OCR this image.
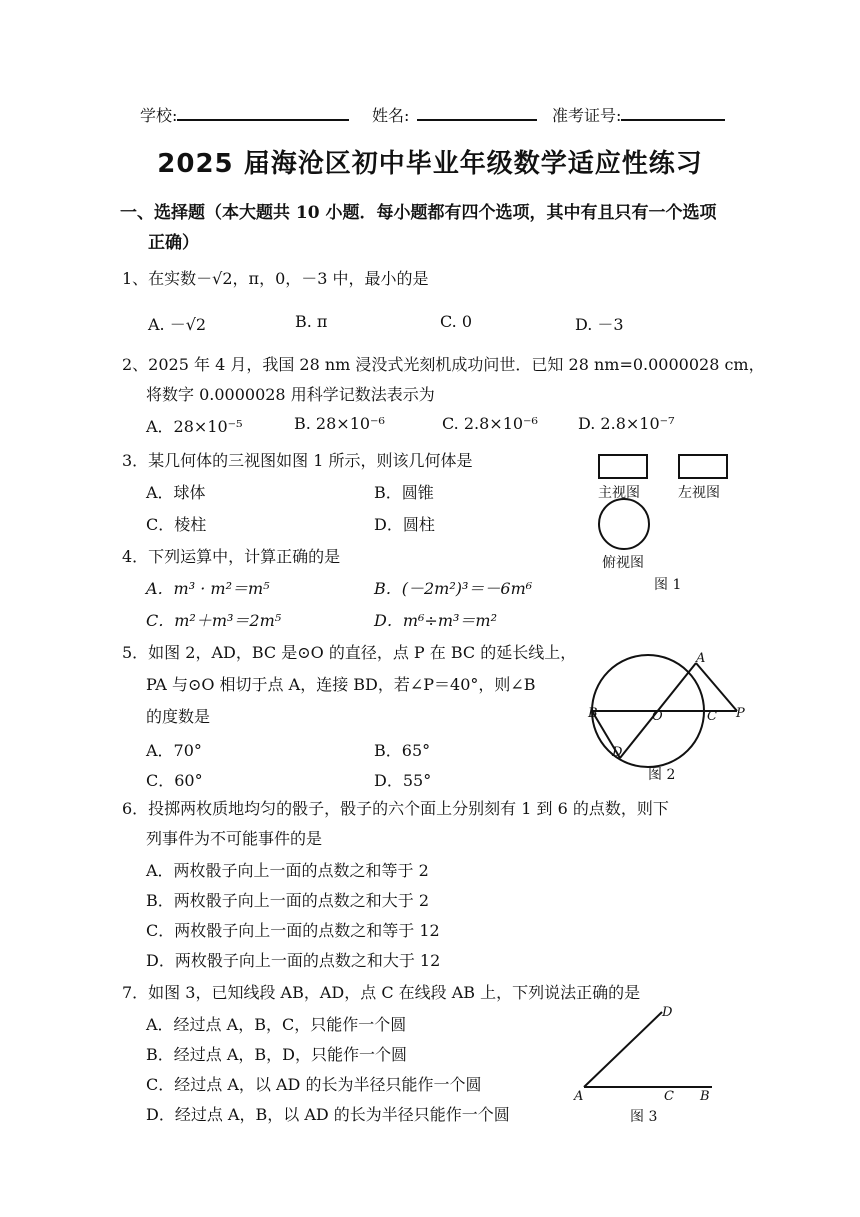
学校:	姓名:	准考证号:
2025 届海沧区初中毕业年级数学适应性练习
一、选择题（本大题共 10 小题．每小题都有四个选项，其中有且只有一个选项
正确）
1、在实数－√2，π，0，－3 中，最小的是
A. －√2	B. π	C. 0	D. －3
2、2025 年 4 月，我国 28 nm 浸没式光刻机成功问世．已知 28 nm=0.0000028 cm，
将数字 0.0000028 用科学记数法表示为
A．28×10⁻⁵	B. 28×10⁻⁶	C. 2.8×10⁻⁶	D. 2.8×10⁻⁷
3．某几何体的三视图如图 1 所示，则该几何体是
A．球体	B．圆锥
C．棱柱	D．圆柱
主视图	左视图
俯视图
图 1
4．下列运算中，计算正确的是
A．m³ · m²＝m⁵	B．(－2m²)³＝－6m⁶
C．m²＋m³＝2m⁵	D．m⁶÷m³＝m²
5．如图 2，AD，BC 是⊙O 的直径，点 P 在 BC 的延长线上，
PA 与⊙O 相切于点 A，连接 BD，若∠P＝40°，则∠B
的度数是
A．70°	B．65°
C．60°	D．55°
A
B	O	C P
D
图 2
6．投掷两枚质地均匀的骰子，骰子的六个面上分别刻有 1 到 6 的点数，则下
列事件为不可能事件的是
A．两枚骰子向上一面的点数之和等于 2
B．两枚骰子向上一面的点数之和大于 2
C．两枚骰子向上一面的点数之和等于 12
D．两枚骰子向上一面的点数之和大于 12
7．如图 3，已知线段 AB，AD，点 C 在线段 AB 上，下列说法正确的是
A．经过点 A，B，C，只能作一个圆
B．经过点 A，B，D，只能作一个圆
C．经过点 A，以 AD 的长为半径只能作一个圆
D．经过点 A，B，以 AD 的长为半径只能作一个圆
D
A	C B
图 3
